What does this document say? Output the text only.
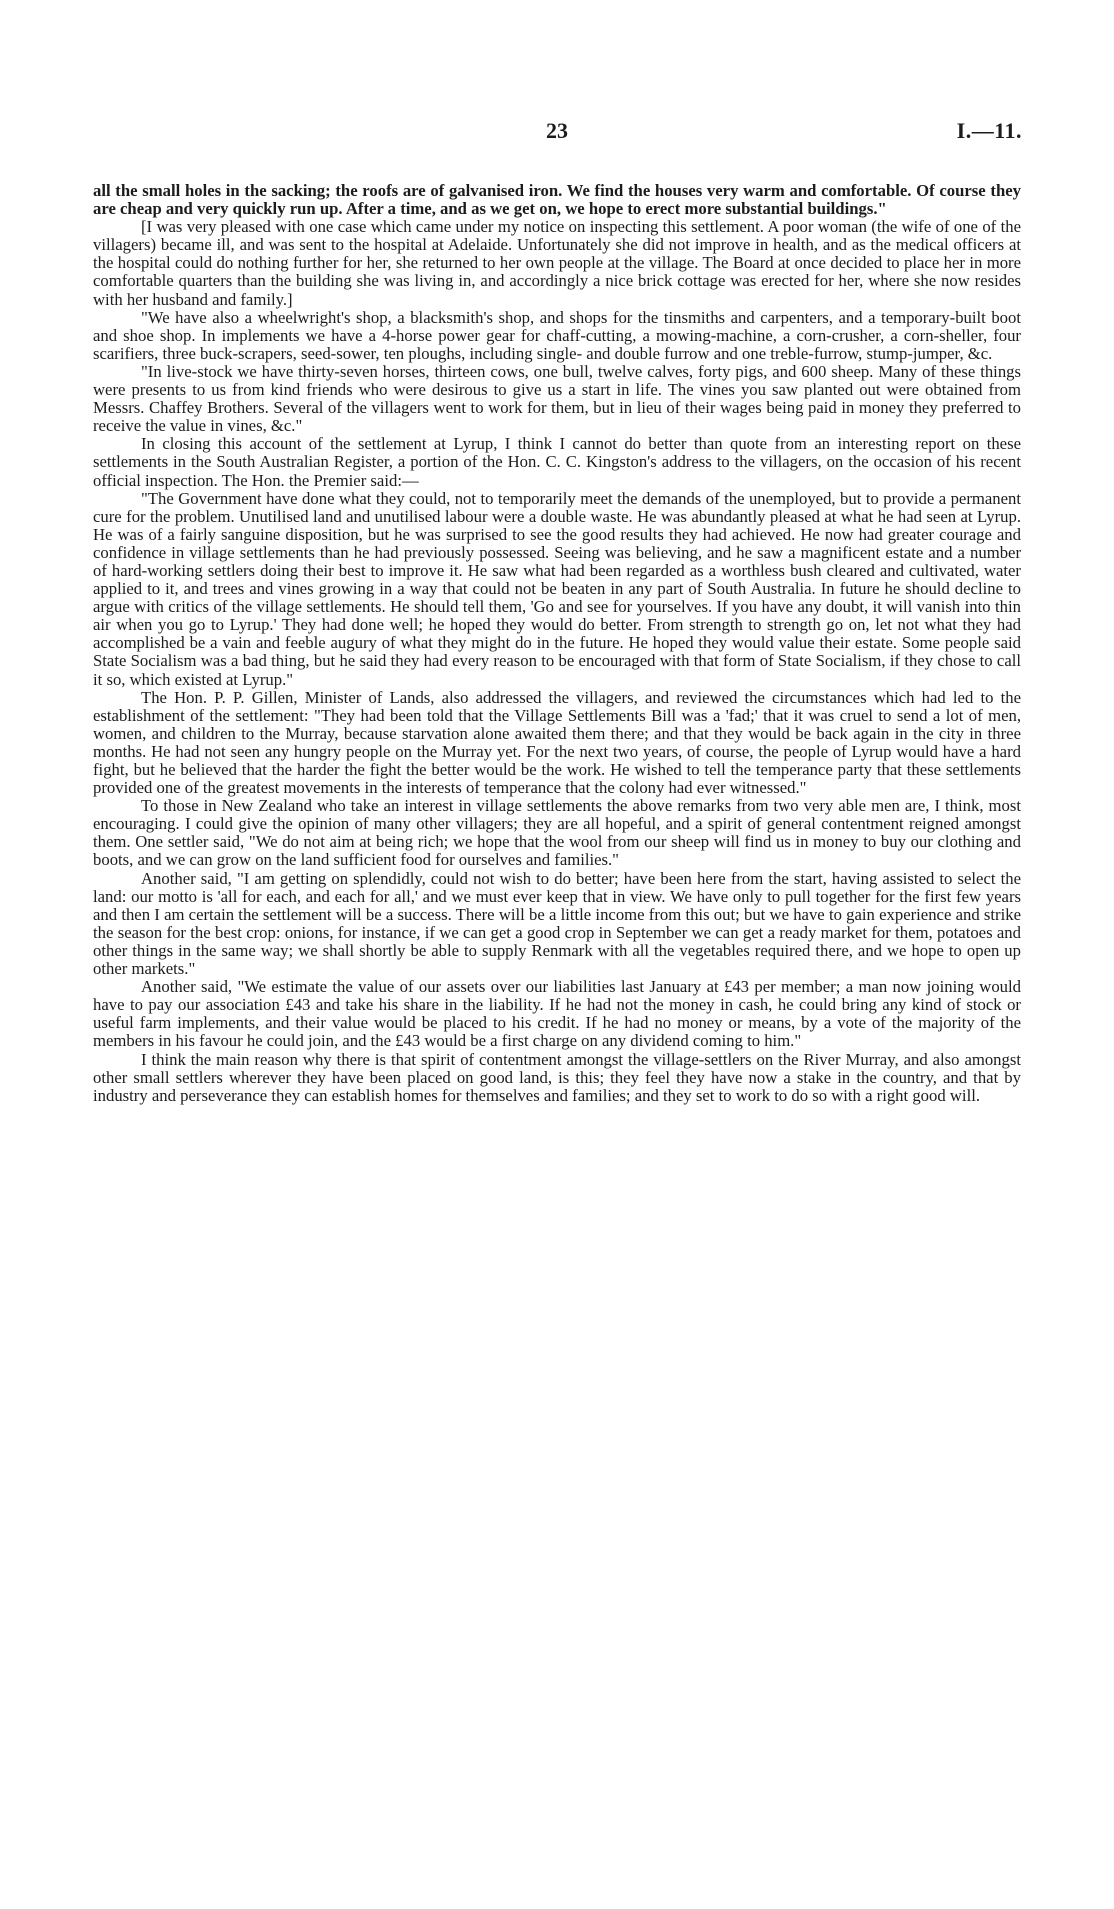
23	I.—11.

all the small holes in the sacking; the roofs are of galvanised iron. We find the houses very warm and comfortable. Of course they are cheap and very quickly run up. After a time, and as we get on, we hope to erect more substantial buildings."

[I was very pleased with one case which came under my notice on inspecting this settlement. A poor woman (the wife of one of the villagers) became ill, and was sent to the hospital at Adelaide. Unfortunately she did not improve in health, and as the medical officers at the hospital could do nothing further for her, she returned to her own people at the village. The Board at once decided to place her in more comfortable quarters than the building she was living in, and accordingly a nice brick cottage was erected for her, where she now resides with her husband and family.]

"We have also a wheelwright's shop, a blacksmith's shop, and shops for the tinsmiths and carpenters, and a temporary-built boot and shoe shop. In implements we have a 4-horse power gear for chaff-cutting, a mowing-machine, a corn-crusher, a corn-sheller, four scarifiers, three buck-scrapers, seed-sower, ten ploughs, including single- and double furrow and one treble-furrow, stump-jumper, &c.

"In live-stock we have thirty-seven horses, thirteen cows, one bull, twelve calves, forty pigs, and 600 sheep. Many of these things were presents to us from kind friends who were desirous to give us a start in life. The vines you saw planted out were obtained from Messrs. Chaffey Brothers. Several of the villagers went to work for them, but in lieu of their wages being paid in money they preferred to receive the value in vines, &c."

In closing this account of the settlement at Lyrup, I think I cannot do better than quote from an interesting report on these settlements in the South Australian Register, a portion of the Hon. C. C. Kingston's address to the villagers, on the occasion of his recent official inspection. The Hon. the Premier said:—

"The Government have done what they could, not to temporarily meet the demands of the unemployed, but to provide a permanent cure for the problem. Unutilised land and unutilised labour were a double waste. He was abundantly pleased at what he had seen at Lyrup. He was of a fairly sanguine disposition, but he was surprised to see the good results they had achieved. He now had greater courage and confidence in village settlements than he had previously possessed. Seeing was believing, and he saw a magnificent estate and a number of hard-working settlers doing their best to improve it. He saw what had been regarded as a worthless bush cleared and cultivated, water applied to it, and trees and vines growing in a way that could not be beaten in any part of South Australia. In future he should decline to argue with critics of the village settlements. He should tell them, 'Go and see for yourselves. If you have any doubt, it will vanish into thin air when you go to Lyrup.' They had done well; he hoped they would do better. From strength to strength go on, let not what they had accomplished be a vain and feeble augury of what they might do in the future. He hoped they would value their estate. Some people said State Socialism was a bad thing, but he said they had every reason to be encouraged with that form of State Socialism, if they chose to call it so, which existed at Lyrup."

The Hon. P. P. Gillen, Minister of Lands, also addressed the villagers, and reviewed the circumstances which had led to the establishment of the settlement: "They had been told that the Village Settlements Bill was a 'fad;' that it was cruel to send a lot of men, women, and children to the Murray, because starvation alone awaited them there; and that they would be back again in the city in three months. He had not seen any hungry people on the Murray yet. For the next two years, of course, the people of Lyrup would have a hard fight, but he believed that the harder the fight the better would be the work. He wished to tell the temperance party that these settlements provided one of the greatest movements in the interests of temperance that the colony had ever witnessed."

To those in New Zealand who take an interest in village settlements the above remarks from two very able men are, I think, most encouraging. I could give the opinion of many other villagers; they are all hopeful, and a spirit of general contentment reigned amongst them. One settler said, "We do not aim at being rich; we hope that the wool from our sheep will find us in money to buy our clothing and boots, and we can grow on the land sufficient food for ourselves and families."

Another said, "I am getting on splendidly, could not wish to do better; have been here from the start, having assisted to select the land: our motto is 'all for each, and each for all,' and we must ever keep that in view. We have only to pull together for the first few years and then I am certain the settlement will be a success. There will be a little income from this out; but we have to gain experience and strike the season for the best crop: onions, for instance, if we can get a good crop in September we can get a ready market for them, potatoes and other things in the same way; we shall shortly be able to supply Renmark with all the vegetables required there, and we hope to open up other markets."

Another said, "We estimate the value of our assets over our liabilities last January at £43 per member; a man now joining would have to pay our association £43 and take his share in the liability. If he had not the money in cash, he could bring any kind of stock or useful farm implements, and their value would be placed to his credit. If he had no money or means, by a vote of the majority of the members in his favour he could join, and the £43 would be a first charge on any dividend coming to him."

I think the main reason why there is that spirit of contentment amongst the village-settlers on the River Murray, and also amongst other small settlers wherever they have been placed on good land, is this; they feel they have now a stake in the country, and that by industry and perseverance they can establish homes for themselves and families; and they set to work to do so with a right good will.
